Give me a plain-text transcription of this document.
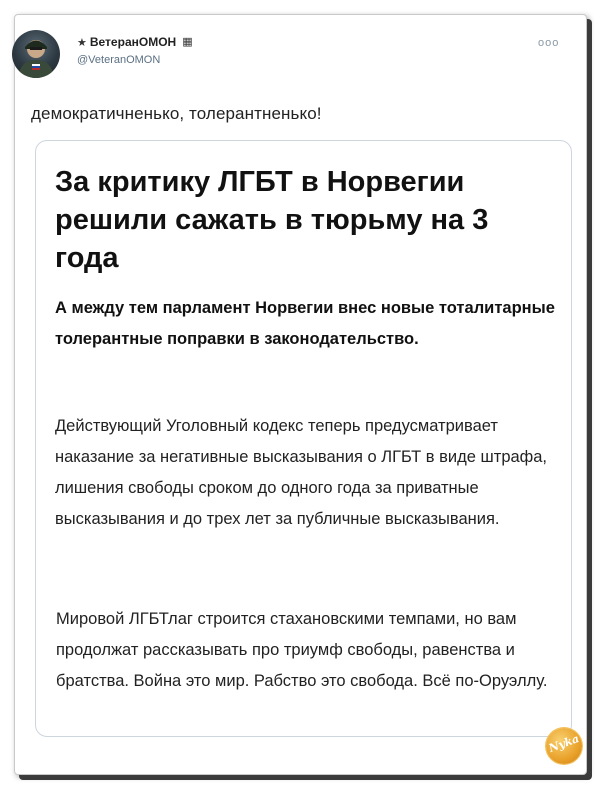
★ ВетеранОМОН ▦
@VeteranOMON
ooo
демократичненько, толерантненько!
За критику ЛГБТ в Норвегии решили сажать в тюрьму на 3 года
А между тем парламент Норвегии внес новые тоталитарные толерантные поправки в законодательство.
Действующий Уголовный кодекс теперь предусматривает наказание за негативные высказывания о ЛГБТ в виде штрафа, лишения свободы сроком до одного года за приватные высказывания и до трех лет за публичные высказывания.
Мировой ЛГБТлаг строится стахановскими темпами, но вам продолжат рассказывать про триумф свободы, равенства и братства. Война это мир. Рабство это свобода. Всё по-Оруэллу.
Nyka
